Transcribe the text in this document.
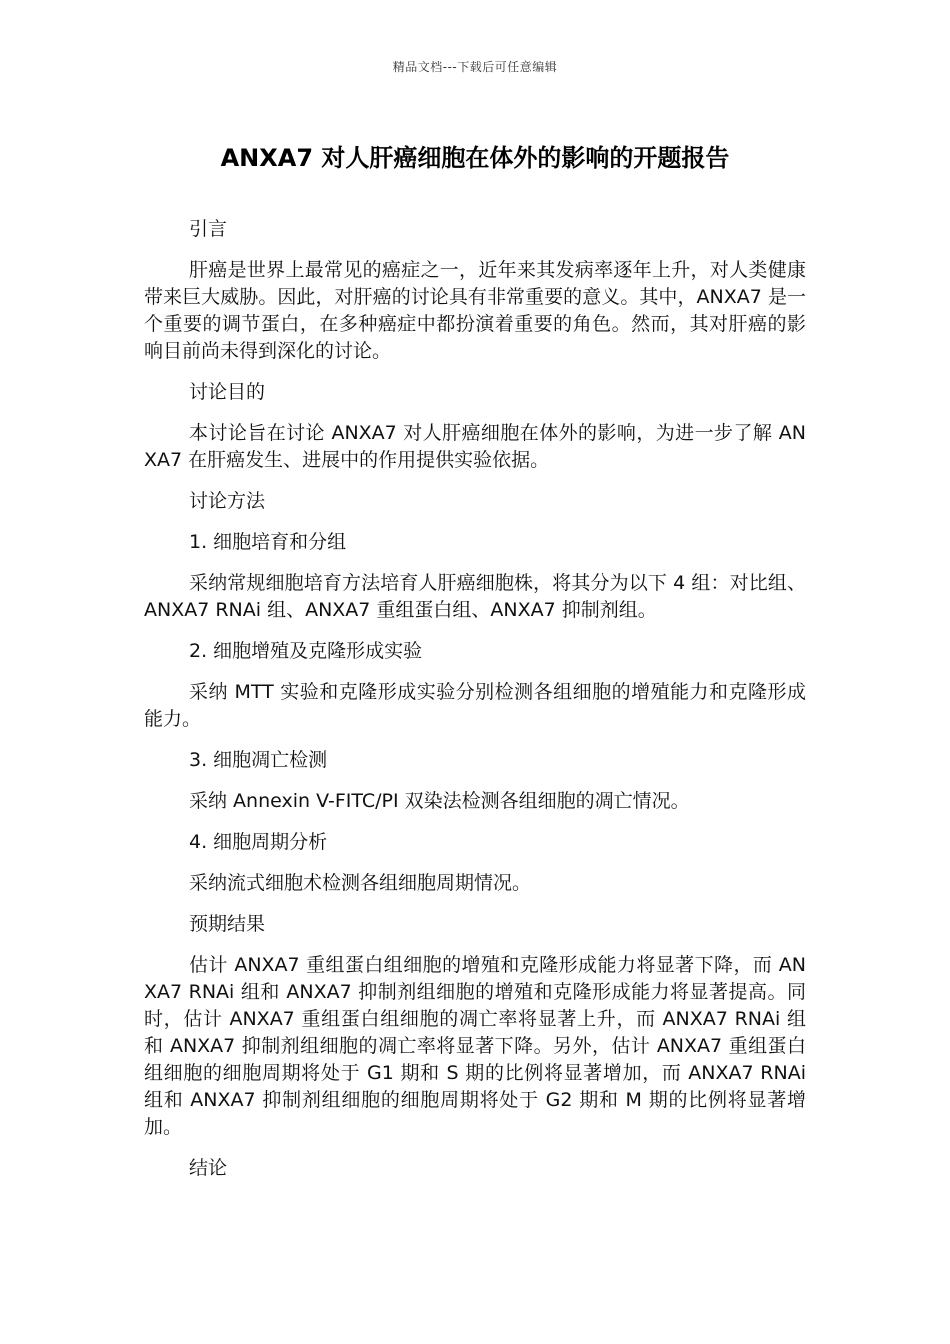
精品文档---下载后可任意编辑
ANXA7 对人肝癌细胞在体外的影响的开题报告
引言

肝癌是世界上最常见的癌症之一，近年来其发病率逐年上升，对人类健康带来巨大威胁。因此，对肝癌的讨论具有非常重要的意义。其中，ANXA7 是一个重要的调节蛋白，在多种癌症中都扮演着重要的角色。然而，其对肝癌的影响目前尚未得到深化的讨论。

讨论目的

本讨论旨在讨论 ANXA7 对人肝癌细胞在体外的影响，为进一步了解 ANXA7 在肝癌发生、进展中的作用提供实验依据。

讨论方法
1. 细胞培育和分组

采纳常规细胞培育方法培育人肝癌细胞株，将其分为以下 4 组：对比组、ANXA7 RNAi 组、ANXA7 重组蛋白组、ANXA7 抑制剂组。

2. 细胞增殖及克隆形成实验

采纳 MTT 实验和克隆形成实验分别检测各组细胞的增殖能力和克隆形成能力。

3. 细胞凋亡检测

采纳 Annexin V-FITC/PI 双染法检测各组细胞的凋亡情况。

4. 细胞周期分析

采纳流式细胞术检测各组细胞周期情况。

预期结果

估计 ANXA7 重组蛋白组细胞的增殖和克隆形成能力将显著下降，而 ANXA7 RNAi 组和 ANXA7 抑制剂组细胞的增殖和克隆形成能力将显著提高。同时，估计 ANXA7 重组蛋白组细胞的凋亡率将显著上升，而 ANXA7 RNAi 组和 ANXA7 抑制剂组细胞的凋亡率将显著下降。另外，估计 ANXA7 重组蛋白组细胞的细胞周期将处于 G1 期和 S 期的比例将显著增加，而 ANXA7 RNAi 组和 ANXA7 抑制剂组细胞的细胞周期将处于 G2 期和 M 期的比例将显著增加。

结论
